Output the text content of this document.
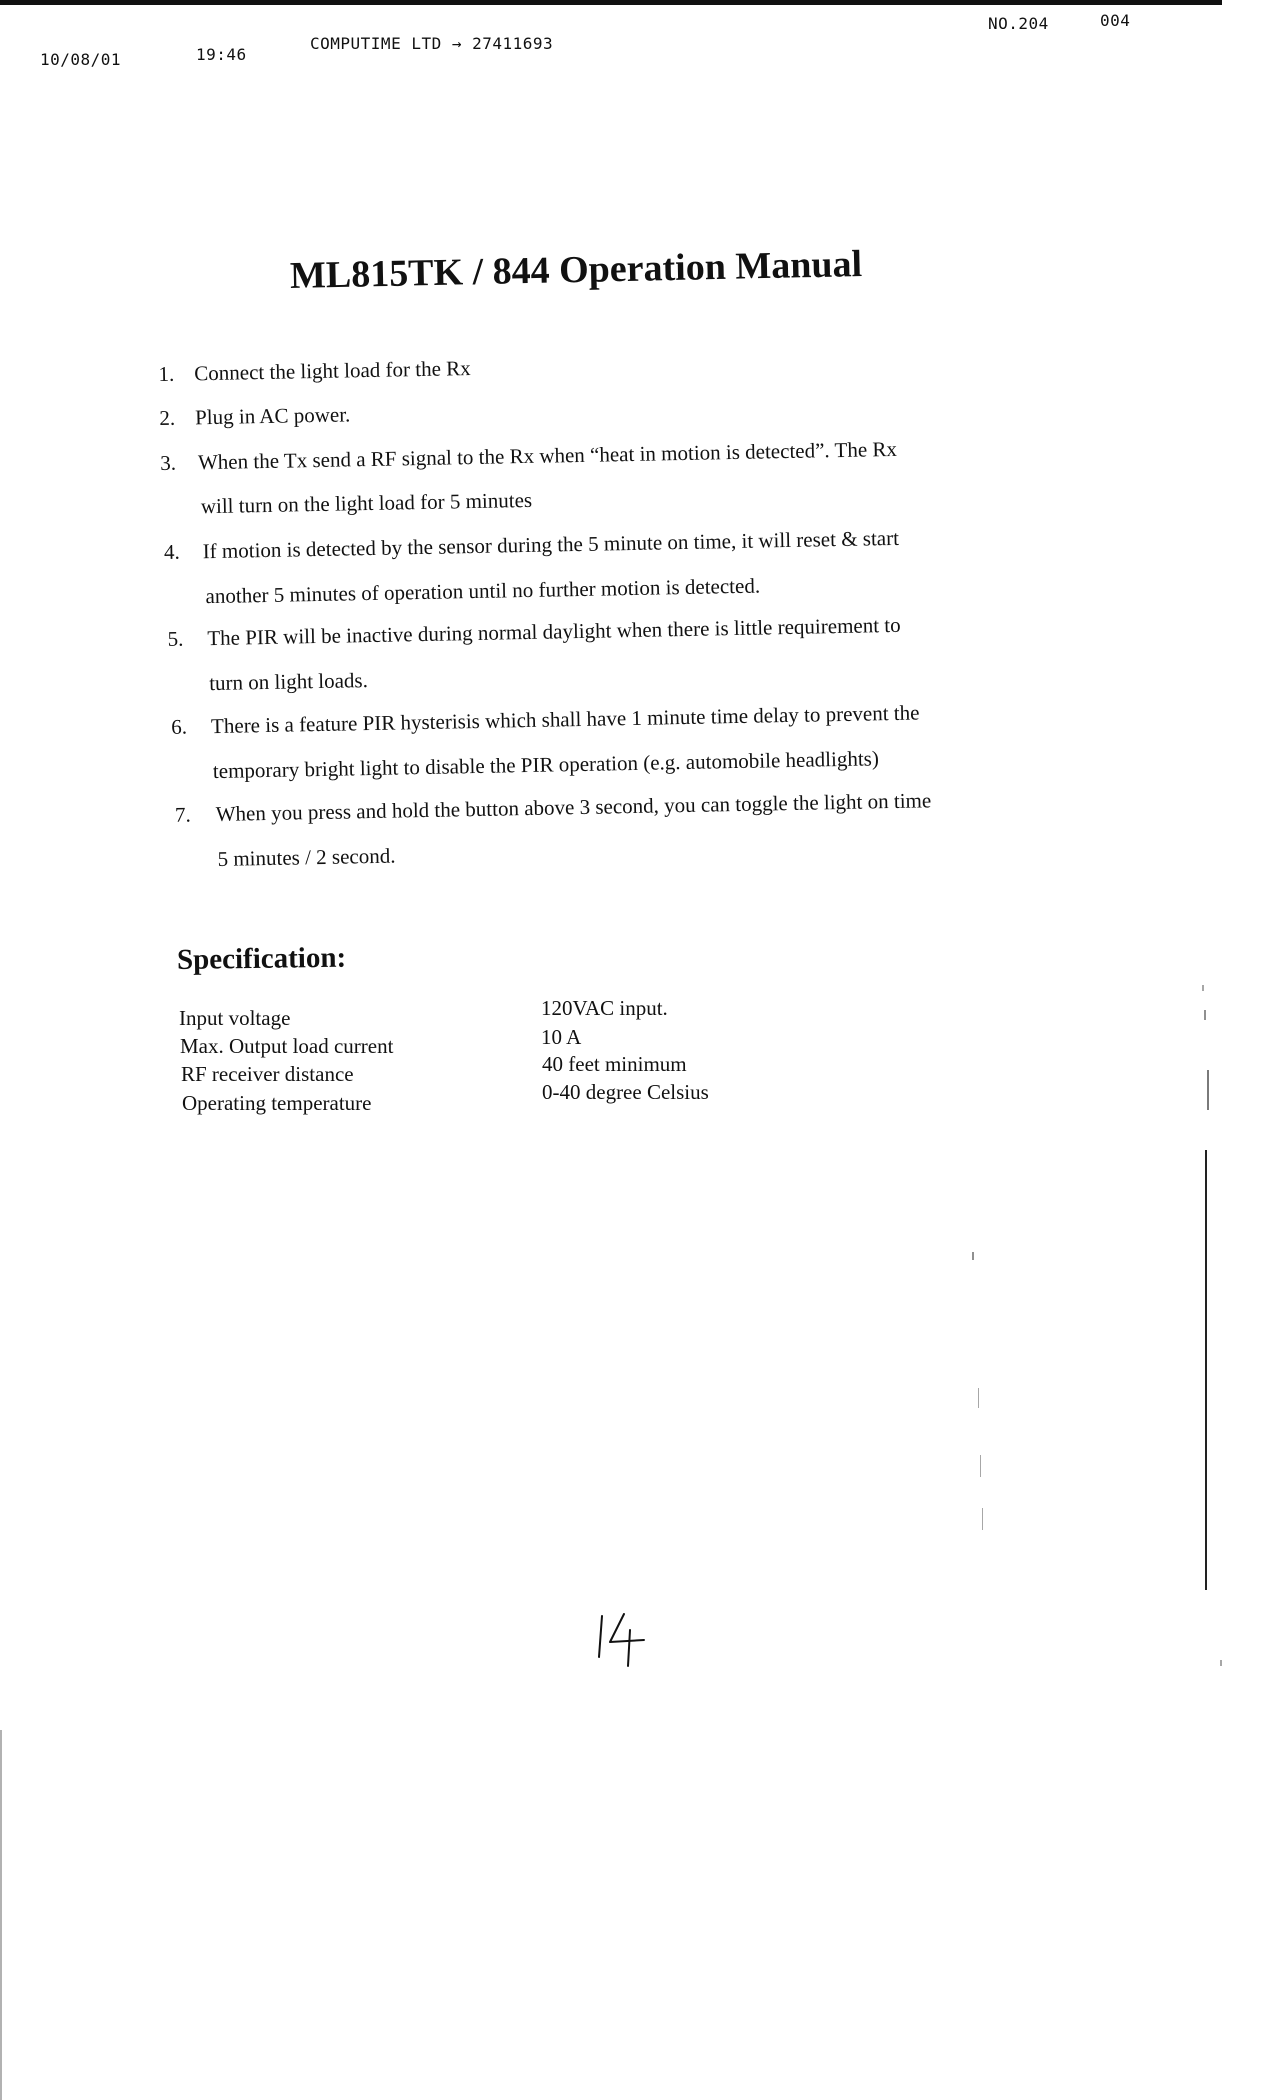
10/08/01	19:46
COMPUTIME LTD → 27411693
NO.204	004
ML815TK / 844 Operation Manual
1. Connect the light load for the Rx
2. Plug in AC power.
3. When the Tx send a RF signal to the Rx when “heat in motion is detected”. The Rx
will turn on the light load for 5 minutes
4. If motion is detected by the sensor during the 5 minute on time, it will reset & start
another 5 minutes of operation until no further motion is detected.
5. The PIR will be inactive during normal daylight when there is little requirement to
turn on light loads.
6. There is a feature PIR hysterisis which shall have 1 minute time delay to prevent the
temporary bright light to disable the PIR operation (e.g. automobile headlights)
7. When you press and hold the button above 3 second, you can toggle the light on time
5 minutes / 2 second.
Specification:
Input voltage	120VAC input.
Max. Output load current	10 A
RF receiver distance	40 feet minimum
Operating temperature	0-40 degree Celsius
